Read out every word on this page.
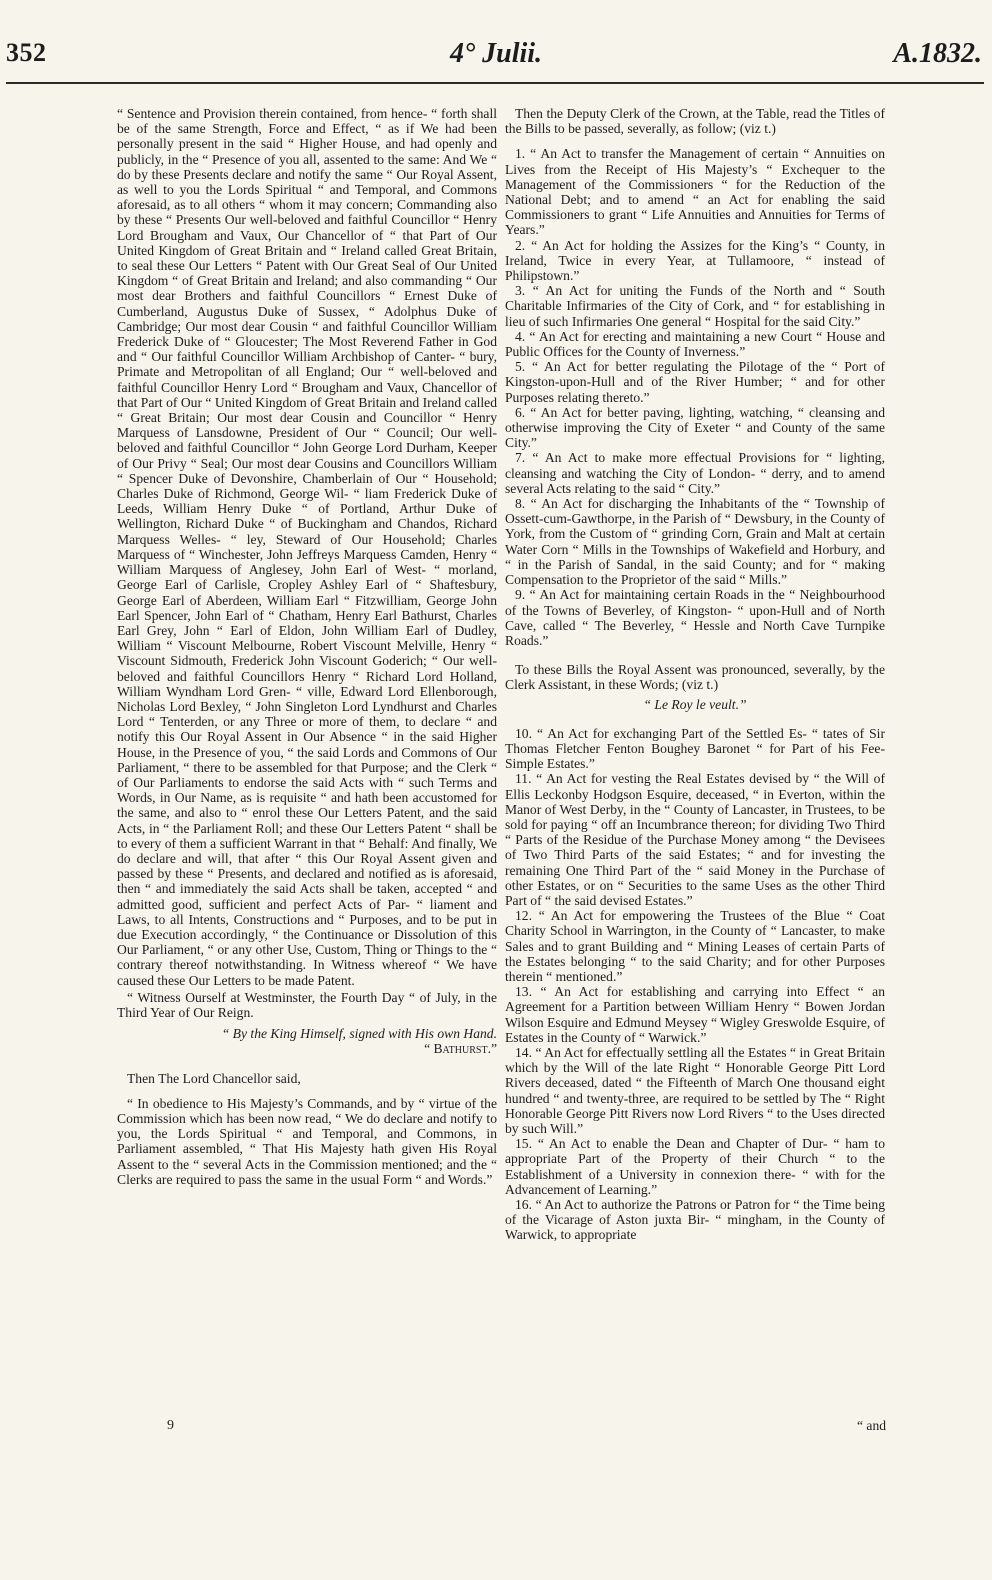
352	4° Julii.	A.1832.

“ Sentence and Provision therein contained, from hence- “ forth shall be of the same Strength, Force and Effect, “ as if We had been personally present in the said “ Higher House, and had openly and publicly, in the “ Presence of you all, assented to the same: And We “ do by these Presents declare and notify the same “ Our Royal Assent, as well to you the Lords Spiritual “ and Temporal, and Commons aforesaid, as to all others “ whom it may concern; Commanding also by these “ Presents Our well-beloved and faithful Councillor “ Henry Lord Brougham and Vaux, Our Chancellor of “ that Part of Our United Kingdom of Great Britain and “ Ireland called Great Britain, to seal these Our Letters “ Patent with Our Great Seal of Our United Kingdom “ of Great Britain and Ireland; and also commanding “ Our most dear Brothers and faithful Councillors “ Ernest Duke of Cumberland, Augustus Duke of Sussex, “ Adolphus Duke of Cambridge; Our most dear Cousin “ and faithful Councillor William Frederick Duke of “ Gloucester; The Most Reverend Father in God and “ Our faithful Councillor William Archbishop of Canter- “ bury, Primate and Metropolitan of all England; Our “ well-beloved and faithful Councillor Henry Lord “ Brougham and Vaux, Chancellor of that Part of Our “ United Kingdom of Great Britain and Ireland called “ Great Britain; Our most dear Cousin and Councillor “ Henry Marquess of Lansdowne, President of Our “ Council; Our well-beloved and faithful Councillor “ John George Lord Durham, Keeper of Our Privy “ Seal; Our most dear Cousins and Councillors William “ Spencer Duke of Devonshire, Chamberlain of Our “ Household; Charles Duke of Richmond, George Wil- “ liam Frederick Duke of Leeds, William Henry Duke “ of Portland, Arthur Duke of Wellington, Richard Duke “ of Buckingham and Chandos, Richard Marquess Welles- “ ley, Steward of Our Household; Charles Marquess of “ Winchester, John Jeffreys Marquess Camden, Henry “ William Marquess of Anglesey, John Earl of West- “ morland, George Earl of Carlisle, Cropley Ashley Earl of “ Shaftesbury, George Earl of Aberdeen, William Earl “ Fitzwilliam, George John Earl Spencer, John Earl of “ Chatham, Henry Earl Bathurst, Charles Earl Grey, John “ Earl of Eldon, John William Earl of Dudley, William “ Viscount Melbourne, Robert Viscount Melville, Henry “ Viscount Sidmouth, Frederick John Viscount Goderich; “ Our well-beloved and faithful Councillors Henry “ Richard Lord Holland, William Wyndham Lord Gren- “ ville, Edward Lord Ellenborough, Nicholas Lord Bexley, “ John Singleton Lord Lyndhurst and Charles Lord “ Tenterden, or any Three or more of them, to declare “ and notify this Our Royal Assent in Our Absence “ in the said Higher House, in the Presence of you, “ the said Lords and Commons of Our Parliament, “ there to be assembled for that Purpose; and the Clerk “ of Our Parliaments to endorse the said Acts with “ such Terms and Words, in Our Name, as is requisite “ and hath been accustomed for the same, and also to “ enrol these Our Letters Patent, and the said Acts, in “ the Parliament Roll; and these Our Letters Patent “ shall be to every of them a sufficient Warrant in that “ Behalf: And finally, We do declare and will, that after “ this Our Royal Assent given and passed by these “ Presents, and declared and notified as is aforesaid, then “ and immediately the said Acts shall be taken, accepted “ and admitted good, sufficient and perfect Acts of Par- “ liament and Laws, to all Intents, Constructions and “ Purposes, and to be put in due Execution accordingly, “ the Continuance or Dissolution of this Our Parliament, “ or any other Use, Custom, Thing or Things to the “ contrary thereof notwithstanding. In Witness whereof “ We have caused these Our Letters to be made Patent.

“ Witness Ourself at Westminster, the Fourth Day “ of July, in the Third Year of Our Reign.

“ By the King Himself, signed with His own Hand.

“ Bathurst.”

Then The Lord Chancellor said,

“ In obedience to His Majesty’s Commands, and by “ virtue of the Commission which has been now read, “ We do declare and notify to you, the Lords Spiritual “ and Temporal, and Commons, in Parliament assembled, “ That His Majesty hath given His Royal Assent to the “ several Acts in the Commission mentioned; and the “ Clerks are required to pass the same in the usual Form “ and Words.”

Then the Deputy Clerk of the Crown, at the Table, read the Titles of the Bills to be passed, severally, as follow; (viz t.)

1. “ An Act to transfer the Management of certain “ Annuities on Lives from the Receipt of His Majesty’s “ Exchequer to the Management of the Commissioners “ for the Reduction of the National Debt; and to amend “ an Act for enabling the said Commissioners to grant “ Life Annuities and Annuities for Terms of Years.”

2. “ An Act for holding the Assizes for the King’s “ County, in Ireland, Twice in every Year, at Tullamoore, “ instead of Philipstown.”

3. “ An Act for uniting the Funds of the North and “ South Charitable Infirmaries of the City of Cork, and “ for establishing in lieu of such Infirmaries One general “ Hospital for the said City.”

4. “ An Act for erecting and maintaining a new Court “ House and Public Offices for the County of Inverness.”

5. “ An Act for better regulating the Pilotage of the “ Port of Kingston-upon-Hull and of the River Humber; “ and for other Purposes relating thereto.”

6. “ An Act for better paving, lighting, watching, “ cleansing and otherwise improving the City of Exeter “ and County of the same City.”

7. “ An Act to make more effectual Provisions for “ lighting, cleansing and watching the City of London- “ derry, and to amend several Acts relating to the said “ City.”

8. “ An Act for discharging the Inhabitants of the “ Township of Ossett-cum-Gawthorpe, in the Parish of “ Dewsbury, in the County of York, from the Custom of “ grinding Corn, Grain and Malt at certain Water Corn “ Mills in the Townships of Wakefield and Horbury, and “ in the Parish of Sandal, in the said County; and for “ making Compensation to the Proprietor of the said “ Mills.”

9. “ An Act for maintaining certain Roads in the “ Neighbourhood of the Towns of Beverley, of Kingston- “ upon-Hull and of North Cave, called “ The Beverley, “ Hessle and North Cave Turnpike Roads.”

To these Bills the Royal Assent was pronounced, severally, by the Clerk Assistant, in these Words; (viz t.)

“ Le Roy le veult.”

10. “ An Act for exchanging Part of the Settled Es- “ tates of Sir Thomas Fletcher Fenton Boughey Baronet “ for Part of his Fee-Simple Estates.”

11. “ An Act for vesting the Real Estates devised by “ the Will of Ellis Leckonby Hodgson Esquire, deceased, “ in Everton, within the Manor of West Derby, in the “ County of Lancaster, in Trustees, to be sold for paying “ off an Incumbrance thereon; for dividing Two Third “ Parts of the Residue of the Purchase Money among “ the Devisees of Two Third Parts of the said Estates; “ and for investing the remaining One Third Part of the “ said Money in the Purchase of other Estates, or on “ Securities to the same Uses as the other Third Part of “ the said devised Estates.”

12. “ An Act for empowering the Trustees of the Blue “ Coat Charity School in Warrington, in the County of “ Lancaster, to make Sales and to grant Building and “ Mining Leases of certain Parts of the Estates belonging “ to the said Charity; and for other Purposes therein “ mentioned.”

13. “ An Act for establishing and carrying into Effect “ an Agreement for a Partition between William Henry “ Bowen Jordan Wilson Esquire and Edmund Meysey “ Wigley Greswolde Esquire, of Estates in the County of “ Warwick.”

14. “ An Act for effectually settling all the Estates “ in Great Britain which by the Will of the late Right “ Honorable George Pitt Lord Rivers deceased, dated “ the Fifteenth of March One thousand eight hundred “ and twenty-three, are required to be settled by The “ Right Honorable George Pitt Rivers now Lord Rivers “ to the Uses directed by such Will.”

15. “ An Act to enable the Dean and Chapter of Dur- “ ham to appropriate Part of the Property of their Church “ to the Establishment of a University in connexion there- “ with for the Advancement of Learning.”

16. “ An Act to authorize the Patrons or Patron for “ the Time being of the Vicarage of Aston juxta Bir- “ mingham, in the County of Warwick, to appropriate

9	“ and
